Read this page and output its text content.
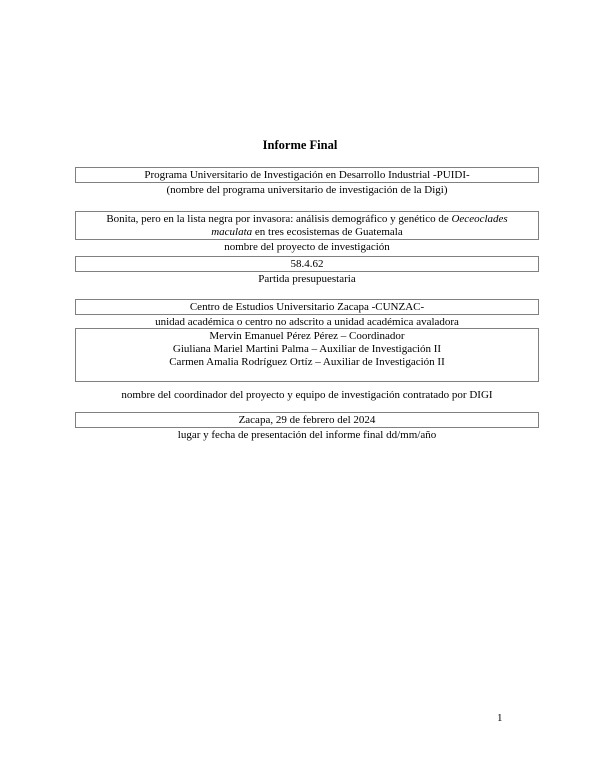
Informe Final
Programa Universitario de Investigación en Desarrollo Industrial -PUIDI-
(nombre del programa universitario de investigación de la Digi)
Bonita, pero en la lista negra por invasora: análisis demográfico y genético de Oeceoclades
maculata en tres ecosistemas de Guatemala
nombre del proyecto de investigación
58.4.62
Partida presupuestaria
Centro de Estudios Universitario Zacapa -CUNZAC-
unidad académica o centro no adscrito a unidad académica avaladora
Mervin Emanuel Pérez Pérez – Coordinador
Giuliana Mariel Martini Palma – Auxiliar de Investigación II
Carmen Amalia Rodríguez Ortíz – Auxiliar de Investigación II
nombre del coordinador del proyecto y equipo de investigación contratado por DIGI
Zacapa, 29 de febrero del 2024
lugar y fecha de presentación del informe final dd/mm/año
1
